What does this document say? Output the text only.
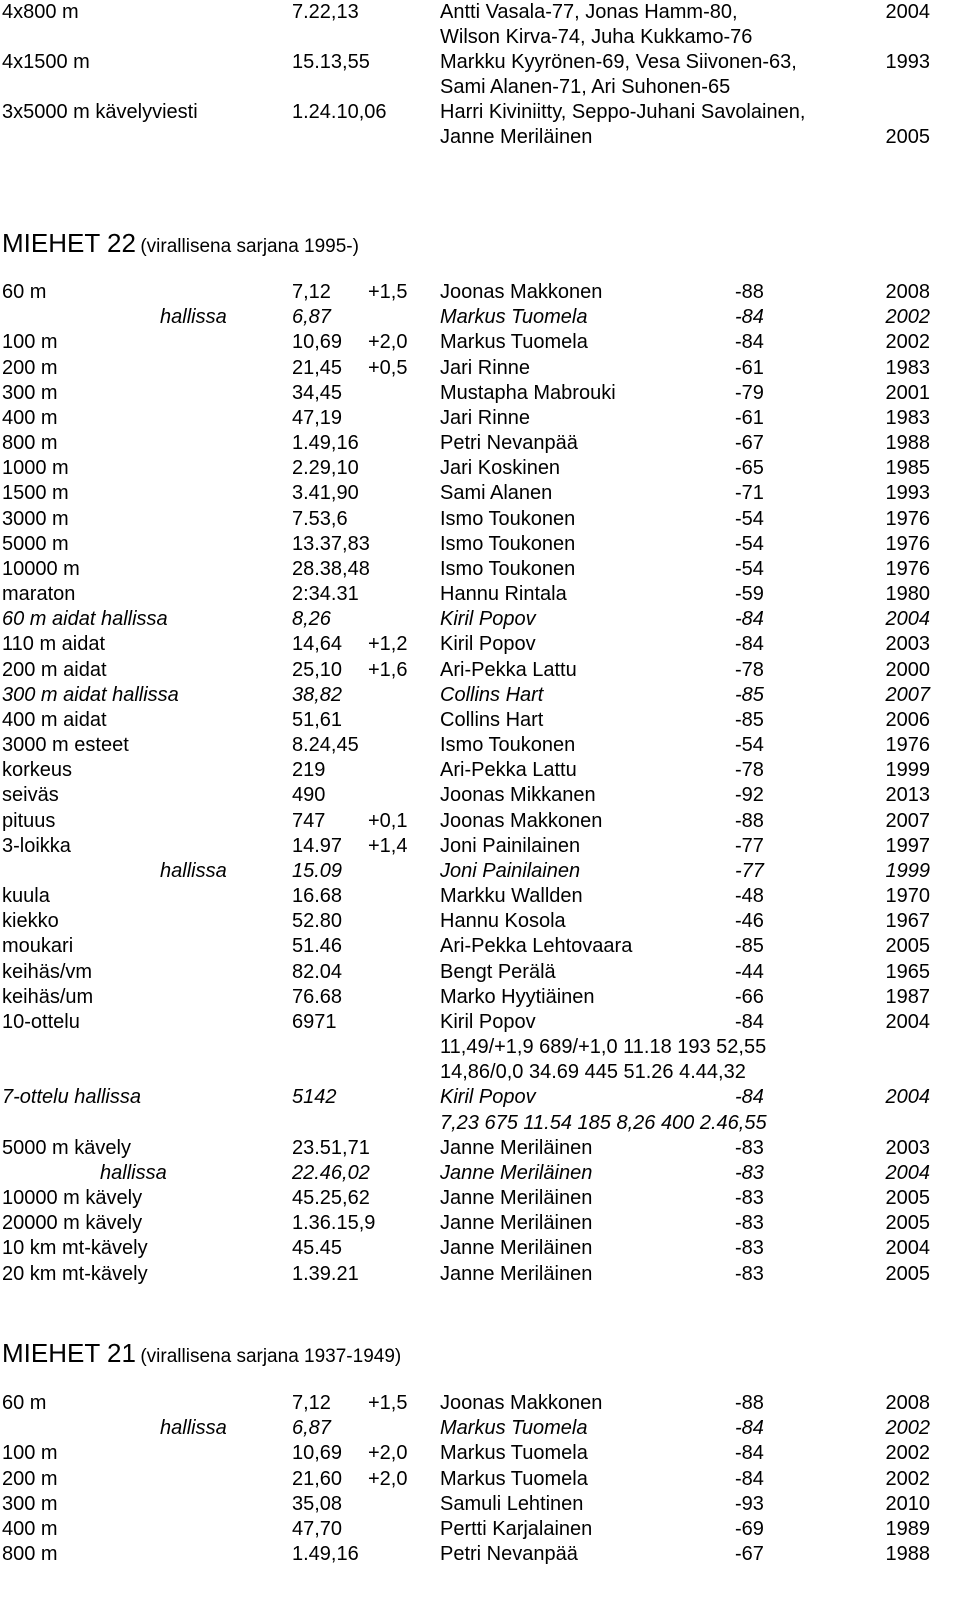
4x800 m	7.22,13	Antti Vasala-77, Jonas Hamm-80,	2004
Wilson Kirva-74, Juha Kukkamo-76
4x1500 m	15.13,55	Markku Kyyrönen-69, Vesa Siivonen-63,	1993
Sami Alanen-71, Ari Suhonen-65
3x5000 m kävelyviesti	1.24.10,06	Harri Kiviniitty, Seppo-Juhani Savolainen,
Janne Meriläinen	2005
MIEHET 22 (virallisena sarjana 1995-)
60 m	7,12 +1,5 Joonas Makkonen	-88	2008
hallissa	6,87	Markus Tuomela	-84	2002
100 m	10,69 +2,0 Markus Tuomela	-84	2002
200 m	21,45 +0,5 Jari Rinne	-61	1983
300 m	34,45	Mustapha Mabrouki	-79	2001
400 m	47,19	Jari Rinne	-61	1983
800 m	1.49,16	Petri Nevanpää	-67	1988
1000 m	2.29,10	Jari Koskinen	-65	1985
1500 m	3.41,90	Sami Alanen	-71	1993
3000 m	7.53,6	Ismo Toukonen	-54	1976
5000 m	13.37,83	Ismo Toukonen	-54	1976
10000 m	28.38,48	Ismo Toukonen	-54	1976
maraton	2:34.31	Hannu Rintala	-59	1980
60 m aidat hallissa	8,26	Kiril Popov	-84	2004
110 m aidat	14,64 +1,2 Kiril Popov	-84	2003
200 m aidat	25,10 +1,6 Ari-Pekka Lattu	-78	2000
300 m aidat hallissa	38,82	Collins Hart	-85	2007
400 m aidat	51,61	Collins Hart	-85	2006
3000 m esteet	8.24,45	Ismo Toukonen	-54	1976
korkeus	219	Ari-Pekka Lattu	-78	1999
seiväs	490	Joonas Mikkanen	-92	2013
pituus	747 +0,1 Joonas Makkonen	-88	2007
3-loikka	14.97 +1,4 Joni Painilainen	-77	1997
hallissa	15.09	Joni Painilainen	-77	1999
kuula	16.68	Markku Wallden	-48	1970
kiekko	52.80	Hannu Kosola	-46	1967
moukari	51.46	Ari-Pekka Lehtovaara	-85	2005
keihäs/vm	82.04	Bengt Perälä	-44	1965
keihäs/um	76.68	Marko Hyytiäinen	-66	1987
10-ottelu	6971	Kiril Popov	-84	2004
11,49/+1,9 689/+1,0 11.18 193 52,55
14,86/0,0 34.69 445 51.26 4.44,32
7-ottelu hallissa	5142	Kiril Popov	-84	2004
7,23 675 11.54 185 8,26 400 2.46,55
5000 m kävely	23.51,71	Janne Meriläinen	-83	2003
hallissa	22.46,02	Janne Meriläinen	-83	2004
10000 m kävely	45.25,62	Janne Meriläinen	-83	2005
20000 m kävely	1.36.15,9	Janne Meriläinen	-83	2005
10 km mt-kävely	45.45	Janne Meriläinen	-83	2004
20 km mt-kävely	1.39.21	Janne Meriläinen	-83	2005
MIEHET 21 (virallisena sarjana 1937-1949)
60 m	7,12 +1,5 Joonas Makkonen	-88	2008
hallissa	6,87	Markus Tuomela	-84	2002
100 m	10,69 +2,0 Markus Tuomela	-84	2002
200 m	21,60 +2,0 Markus Tuomela	-84	2002
300 m	35,08	Samuli Lehtinen	-93	2010
400 m	47,70	Pertti Karjalainen	-69	1989
800 m	1.49,16	Petri Nevanpää	-67	1988
